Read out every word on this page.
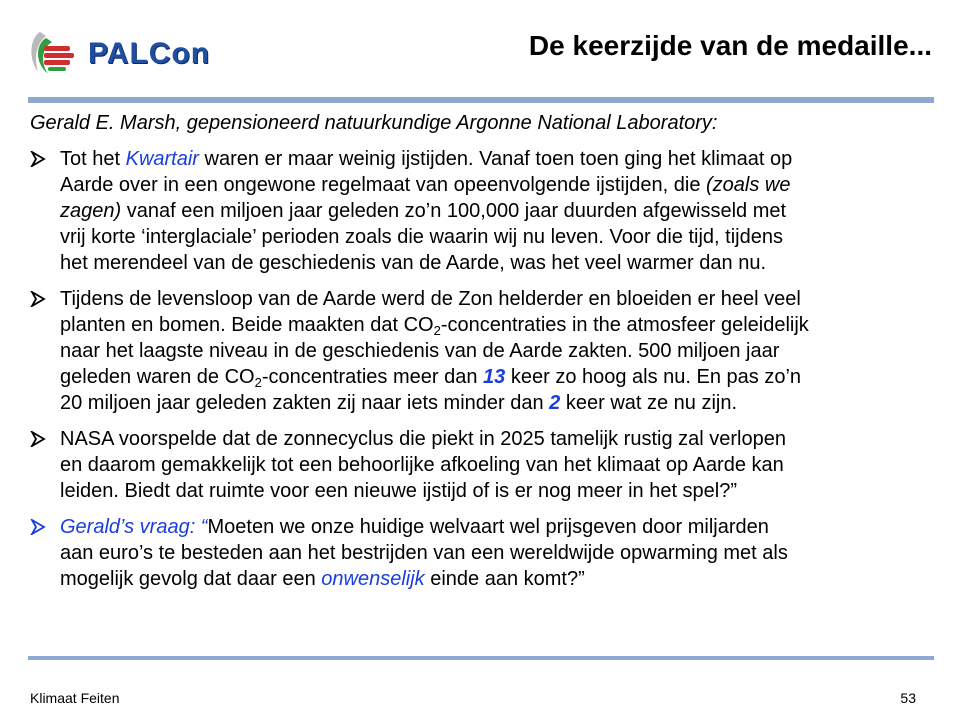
PALCon	De keerzijde van de medaille...

Gerald E. Marsh, gepensioneerd natuurkundige Argonne National Laboratory:

Tot het Kwartair waren er maar weinig ijstijden. Vanaf toen toen ging het klimaat op
Aarde over in een ongewone regelmaat van opeenvolgende ijstijden, die (zoals we
zagen) vanaf een miljoen jaar geleden zo’n 100,000 jaar duurden afgewisseld met
vrij korte ‘interglaciale’ perioden zoals die waarin wij nu leven. Voor die tijd, tijdens
het merendeel van de geschiedenis van de Aarde, was het veel warmer dan nu.
Tijdens de levensloop van de Aarde werd de Zon helderder en bloeiden er heel veel
planten en bomen. Beide maakten dat $CO_2$-concentraties in the atmosfeer geleidelijk
naar het laagste niveau in de geschiedenis van de Aarde zakten. 500 miljoen jaar
geleden waren de $CO_2$-concentraties meer dan 13 keer zo hoog als nu. En pas zo’n
20 miljoen jaar geleden zakten zij naar iets minder dan 2 keer wat ze nu zijn.
NASA voorspelde dat de zonnecyclus die piekt in 2025 tamelijk rustig zal verlopen
en daarom gemakkelijk tot een behoorlijke afkoeling van het klimaat op Aarde kan
leiden. Biedt dat ruimte voor een nieuwe ijstijd of is er nog meer in het spel?”
Gerald’s vraag: “Moeten we onze huidige welvaart wel prijsgeven door miljarden
aan euro’s te besteden aan het bestrijden van een wereldwijde opwarming met als
mogelijk gevolg dat daar een onwenselijk einde aan komt?”
Klimaat Feiten	53
